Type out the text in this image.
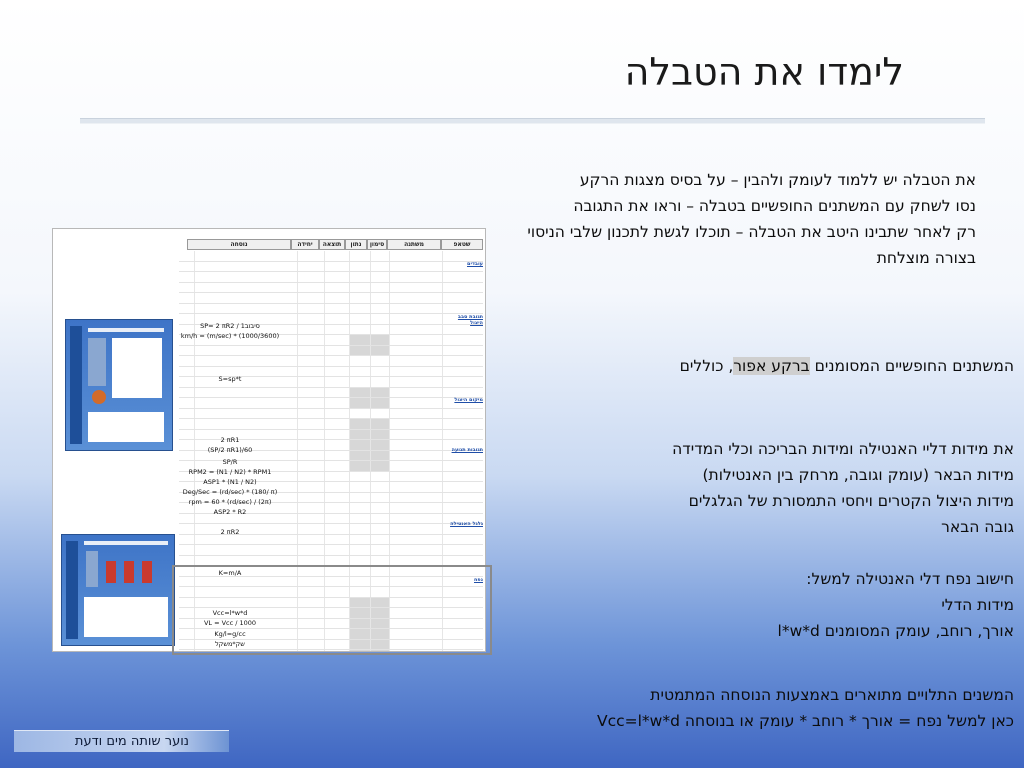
לימדו את הטבלה
את הטבלה יש ללמוד לעומק ולהבין – על בסיס מצגות הרקע
נסו לשחק עם המשתנים החופשיים בטבלה – וראו את התגובה
רק לאחר שתבינו היטב את הטבלה – תוכלו לגשת לתכנון שלבי הניסוי
בצורה מוצלחת
שטאפ
משתנה
סימון
נתון
תוצאה
יחידה
נוסחה
SP= 2 πR2 / 1סיבוב
km/h = (m/sec) * (1000/3600)
S=sp*t
2 πR1
(SP/2 πR1)/60
SP/R
RPM2 = (N1 / N2) * RPM1
ASP1 * (N1 / N2)
Deg/Sec = (rd/sec) * (180/ π)
rpm = 60 * (rd/sec) / (2π)
ASP2 * R2
2 πR2
K=m/A
Vcc=l*w*d
VL = Vcc / 1000
Kg/l=g/cc
שק*משקל
עובדים
תגובת סבב היצול
מיקום היצול
תגובות תנועה
גלגל האנטילה
נפח
המשתנים החופשיים המסומנים ברקע אפור, כוללים
את מידות דליי האנטילה ומידות הבריכה וכלי המדידה
מידות הבאר (עומק וגובה, מרחק בין האנטילות)
מידות היצול הקטרים ויחסי התמסורת של הגלגלים
גובה הבאר
חישוב נפח דלי האנטילה למשל:
מידות הדלי
אורך, רוחב, עומק המסומנים l*w*d
המשנים התלויים מתוארים באמצעות הנוסחה המתמטית
כאן למשל נפח = אורך * רוחב * עומק או בנוסחה Vcc=l*w*d
נוער שותה מים ודעת
